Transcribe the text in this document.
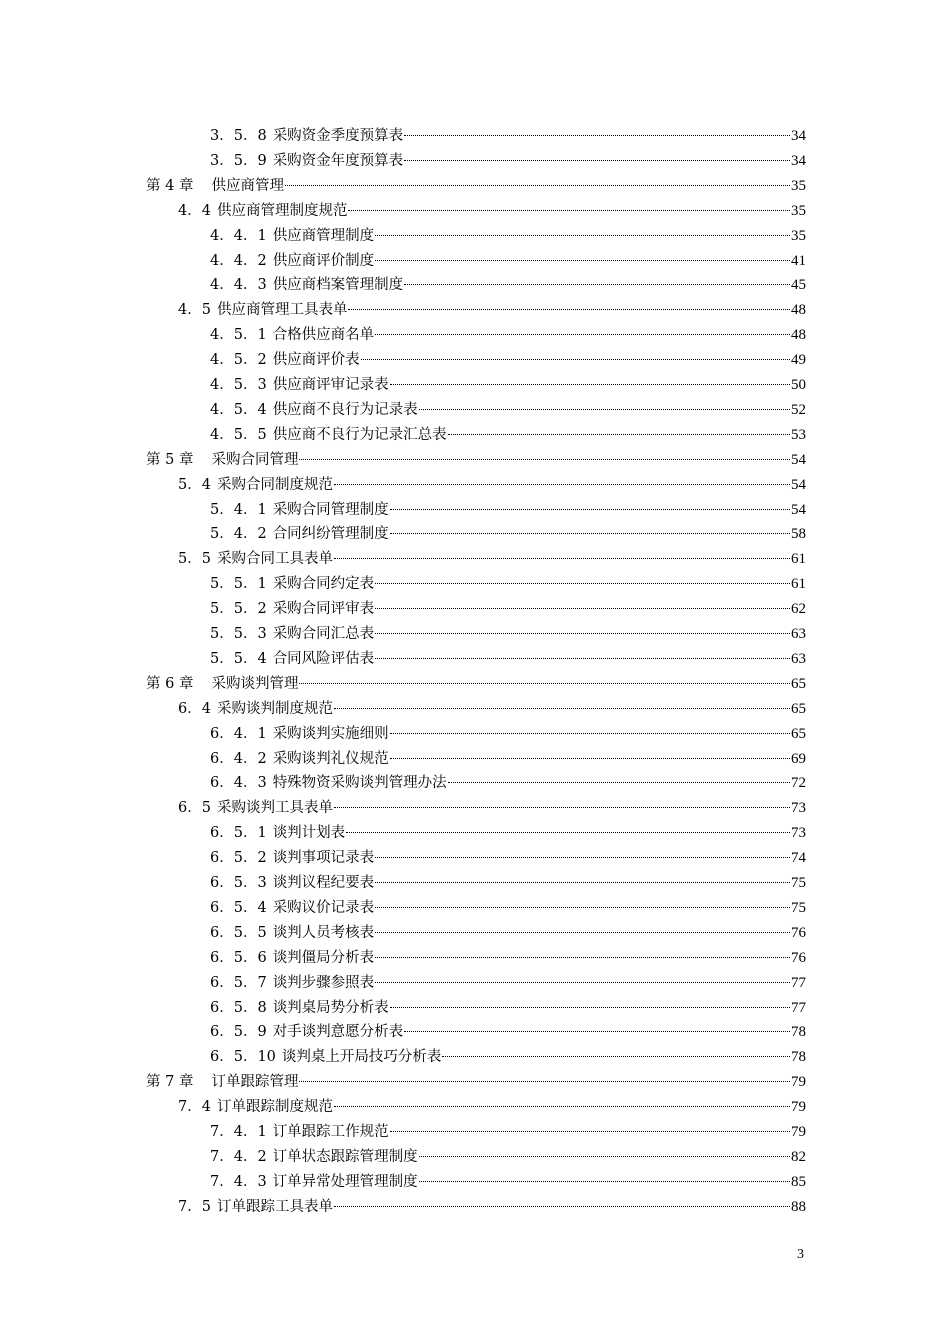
3．5．8 采购资金季度预算表	34
3．5．9 采购资金年度预算表	34
第 4 章 供应商管理	35
4．4 供应商管理制度规范	35
4．4．1 供应商管理制度	35
4．4．2 供应商评价制度	41
4．4．3 供应商档案管理制度	45
4．5 供应商管理工具表单	48
4．5．1 合格供应商名单	48
4．5．2 供应商评价表	49
4．5．3 供应商评审记录表	50
4．5．4 供应商不良行为记录表	52
4．5．5 供应商不良行为记录汇总表	53
第 5 章 采购合同管理	54
5．4 采购合同制度规范	54
5．4．1 采购合同管理制度	54
5．4．2 合同纠纷管理制度	58
5．5 采购合同工具表单	61
5．5．1 采购合同约定表	61
5．5．2 采购合同评审表	62
5．5．3 采购合同汇总表	63
5．5．4 合同风险评估表	63
第 6 章 采购谈判管理	65
6．4 采购谈判制度规范	65
6．4．1 采购谈判实施细则	65
6．4．2 采购谈判礼仪规范	69
6．4．3 特殊物资采购谈判管理办法	72
6．5 采购谈判工具表单	73
6．5．1 谈判计划表	73
6．5．2 谈判事项记录表	74
6．5．3 谈判议程纪要表	75
6．5．4 采购议价记录表	75
6．5．5 谈判人员考核表	76
6．5．6 谈判僵局分析表	76
6．5．7 谈判步骤参照表	77
6．5．8 谈判桌局势分析表	77
6．5．9 对手谈判意愿分析表	78
6．5．10 谈判桌上开局技巧分析表	78
第 7 章 订单跟踪管理	79
7．4 订单跟踪制度规范	79
7．4．1 订单跟踪工作规范	79
7．4．2 订单状态跟踪管理制度	82
7．4．3 订单异常处理管理制度	85
7．5 订单跟踪工具表单	88
3
